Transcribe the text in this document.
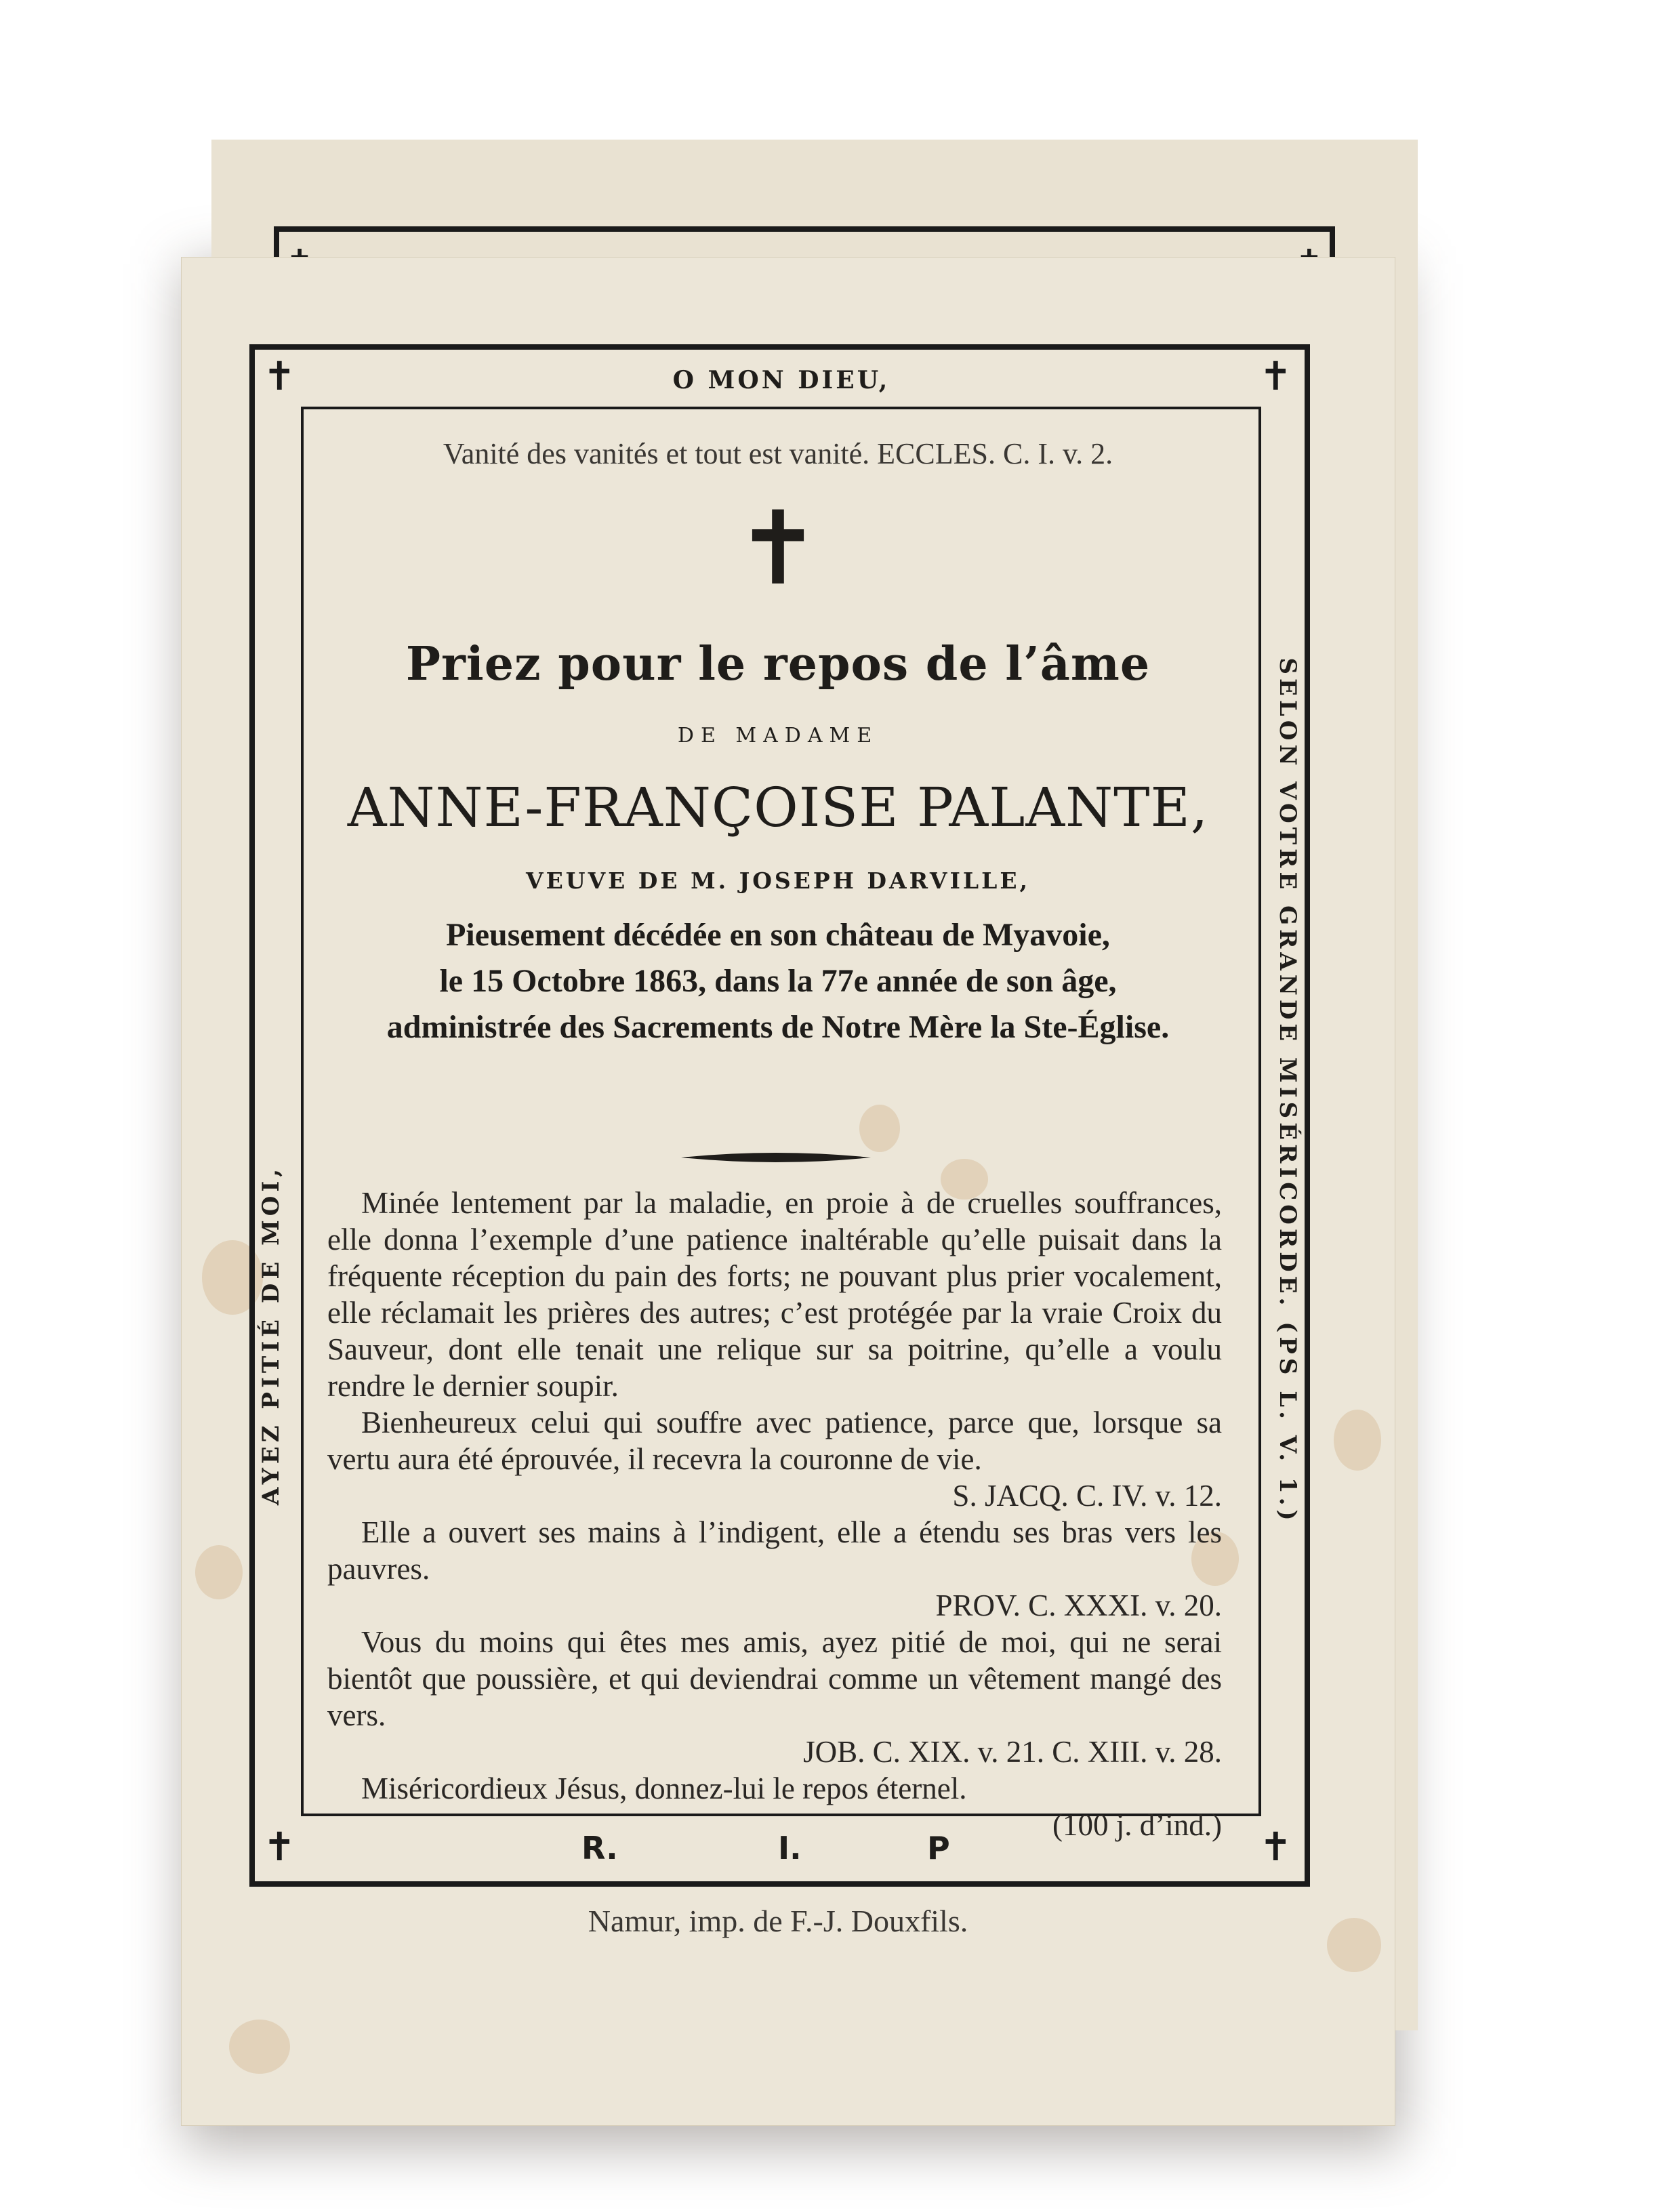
✝	✝
✝	✝
O MON DIEU,
Vanité des vanités et tout est vanité. ECCLES. C. I. v. 2.
✝
Priez pour le repos de l’âme
DE MADAME
ANNE-FRANÇOISE PALANTE,
VEUVE DE M. JOSEPH DARVILLE,
Pieusement décédée en son château de Myavoie,
le 15 Octobre 1863, dans la 77e année de son âge,
administrée des Sacrements de Notre Mère la Ste-Église.

Minée lentement par la maladie, en proie à de cruelles souffrances, elle donna l’exemple d’une patience inaltérable qu’elle puisait dans la fréquente réception du pain des forts; ne pouvant plus prier vocalement, elle réclamait les prières des autres; c’est protégée par la vraie Croix du Sauveur, dont elle tenait une relique sur sa poitrine, qu’elle a voulu rendre le dernier soupir.

Bienheureux celui qui souffre avec patience, parce que, lorsque sa vertu aura été éprouvée, il recevra la couronne de vie.

S. JACQ. C. IV. v. 12.

Elle a ouvert ses mains à l’indigent, elle a étendu ses bras vers les pauvres.

PROV. C. XXXI. v. 20.

Vous du moins qui êtes mes amis, ayez pitié de moi, qui ne serai bientôt que poussière, et qui deviendrai comme un vêtement mangé des vers.

JOB. C. XIX. v. 21. C. XIII. v. 28.

Miséricordieux Jésus, donnez-lui le repos éternel.

(100 j. d’ind.)

AYEZ PITIÉ DE MOI,	SELON VOTRE GRANDE MISÉRICORDE. (PS L. V. 1.)
R.	I.	P
Namur, imp. de F.-J. Douxfils.
